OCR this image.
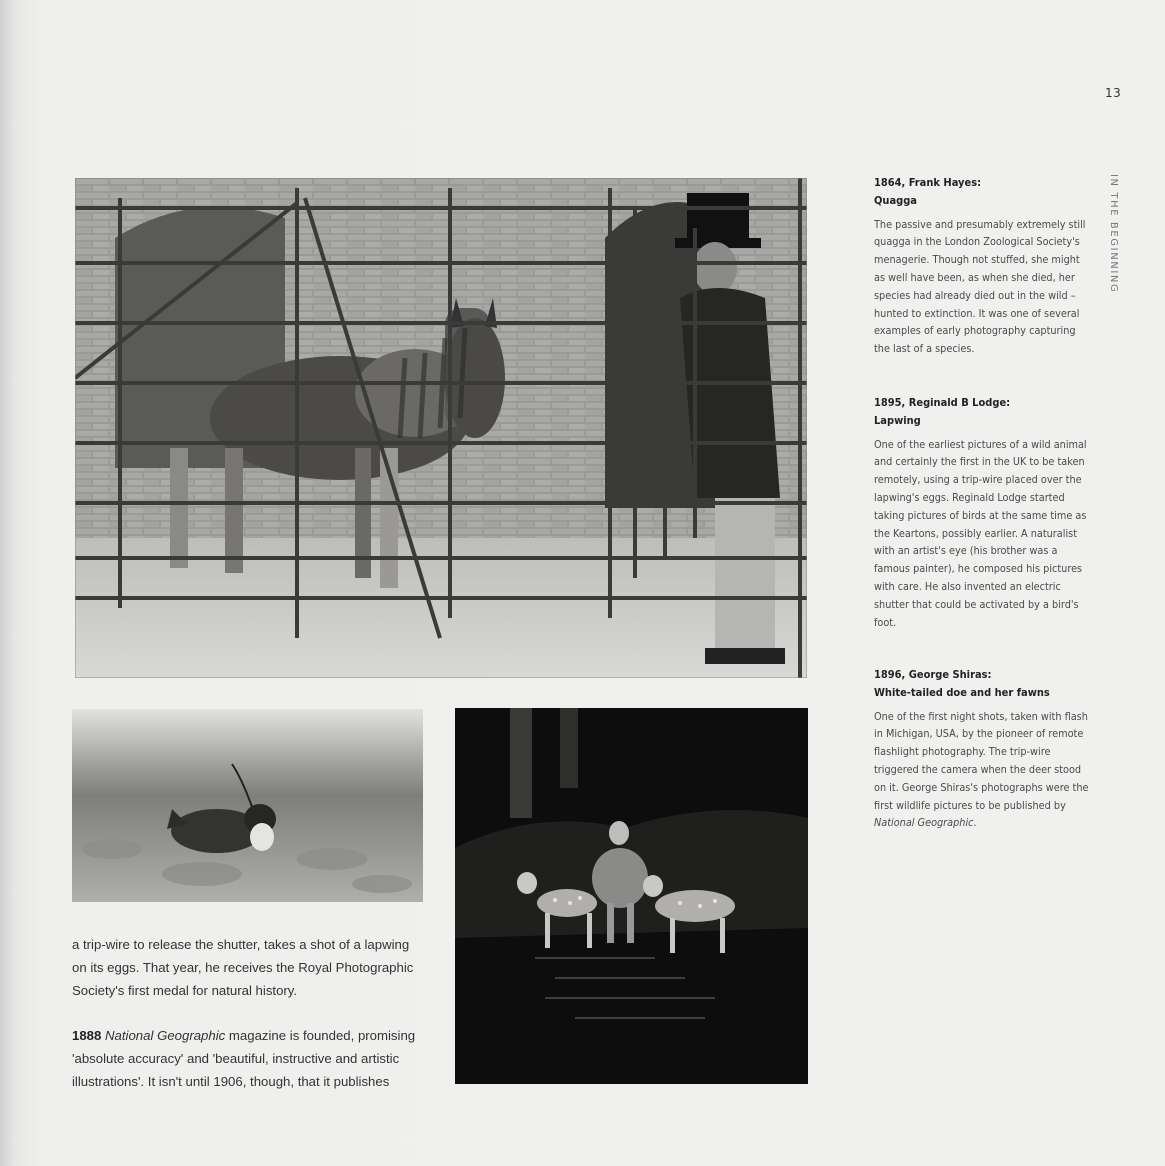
13
IN THE BEGINNING
1864, Frank Hayes:
Quagga
The passive and presumably extremely still quagga in the London Zoological Society's menagerie. Though not stuffed, she might as well have been, as when she died, her species had already died out in the wild – hunted to extinction. It was one of several examples of early photography capturing the last of a species.
1895, Reginald B Lodge:
Lapwing
One of the earliest pictures of a wild animal and certainly the first in the UK to be taken remotely, using a trip-wire placed over the lapwing's eggs. Reginald Lodge started taking pictures of birds at the same time as the Keartons, possibly earlier. A naturalist with an artist's eye (his brother was a famous painter), he composed his pictures with care. He also invented an electric shutter that could be activated by a bird's foot.
1896, George Shiras:
White-tailed doe and her fawns
One of the first night shots, taken with flash in Michigan, USA, by the pioneer of remote flashlight photography. The trip-wire triggered the camera when the deer stood on it. George Shiras's photographs were the first wildlife pictures to be published by National Geographic.
a trip-wire to release the shutter, takes a shot of a lapwing on its eggs. That year, he receives the Royal Photographic Society's first medal for natural history.
1888 National Geographic magazine is founded, promising 'absolute accuracy' and 'beautiful, instructive and artistic illustrations'. It isn't until 1906, though, that it publishes
